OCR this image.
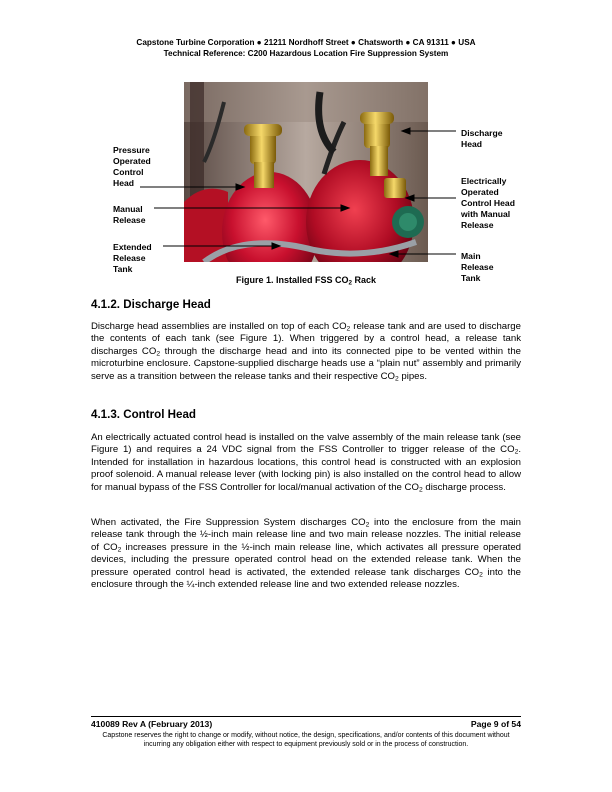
Capstone Turbine Corporation ● 21211 Nordhoff Street ● Chatsworth ● CA 91311 ● USA
Technical Reference: C200 Hazardous Location Fire Suppression System
Pressure
Operated
Control
Head
Manual
Release
Extended
Release
Tank
Discharge
Head
Electrically
Operated
Control Head
with Manual
Release
Main
Release
Tank
Figure 1. Installed FSS $CO_2$ Rack
4.1.2. Discharge Head

Discharge head assemblies are installed on top of each $CO_2$ release tank and are used to discharge the contents of each tank (see Figure 1). When triggered by a control head, a release tank discharges $CO_2$ through the discharge head and into its connected pipe to be vented within the microturbine enclosure. Capstone-supplied discharge heads use a “plain nut” assembly and primarily serve as a transition between the release tanks and their respective $CO_2$ pipes.

4.1.3. Control Head

An electrically actuated control head is installed on the valve assembly of the main release tank (see Figure 1) and requires a 24 VDC signal from the FSS Controller to trigger release of the $CO_2$. Intended for installation in hazardous locations, this control head is constructed with an explosion proof solenoid. A manual release lever (with locking pin) is also installed on the control head to allow for manual bypass of the FSS Controller for local/manual activation of the $CO_2$ discharge process.

When activated, the Fire Suppression System discharges $CO_2$ into the enclosure from the main release tank through the ½-inch main release line and two main release nozzles. The initial release of $CO_2$ increases pressure in the ½-inch main release line, which activates all pressure operated devices, including the pressure operated control head on the extended release tank. When the pressure operated control head is activated, the extended release tank discharges $CO_2$ into the enclosure through the ¼-inch extended release line and two extended release nozzles.

410089 Rev A (February 2013)	Page 9 of 54
Capstone reserves the right to change or modify, without notice, the design, specifications, and/or contents of this document without incurring any obligation either with respect to equipment previously sold or in the process of construction.
